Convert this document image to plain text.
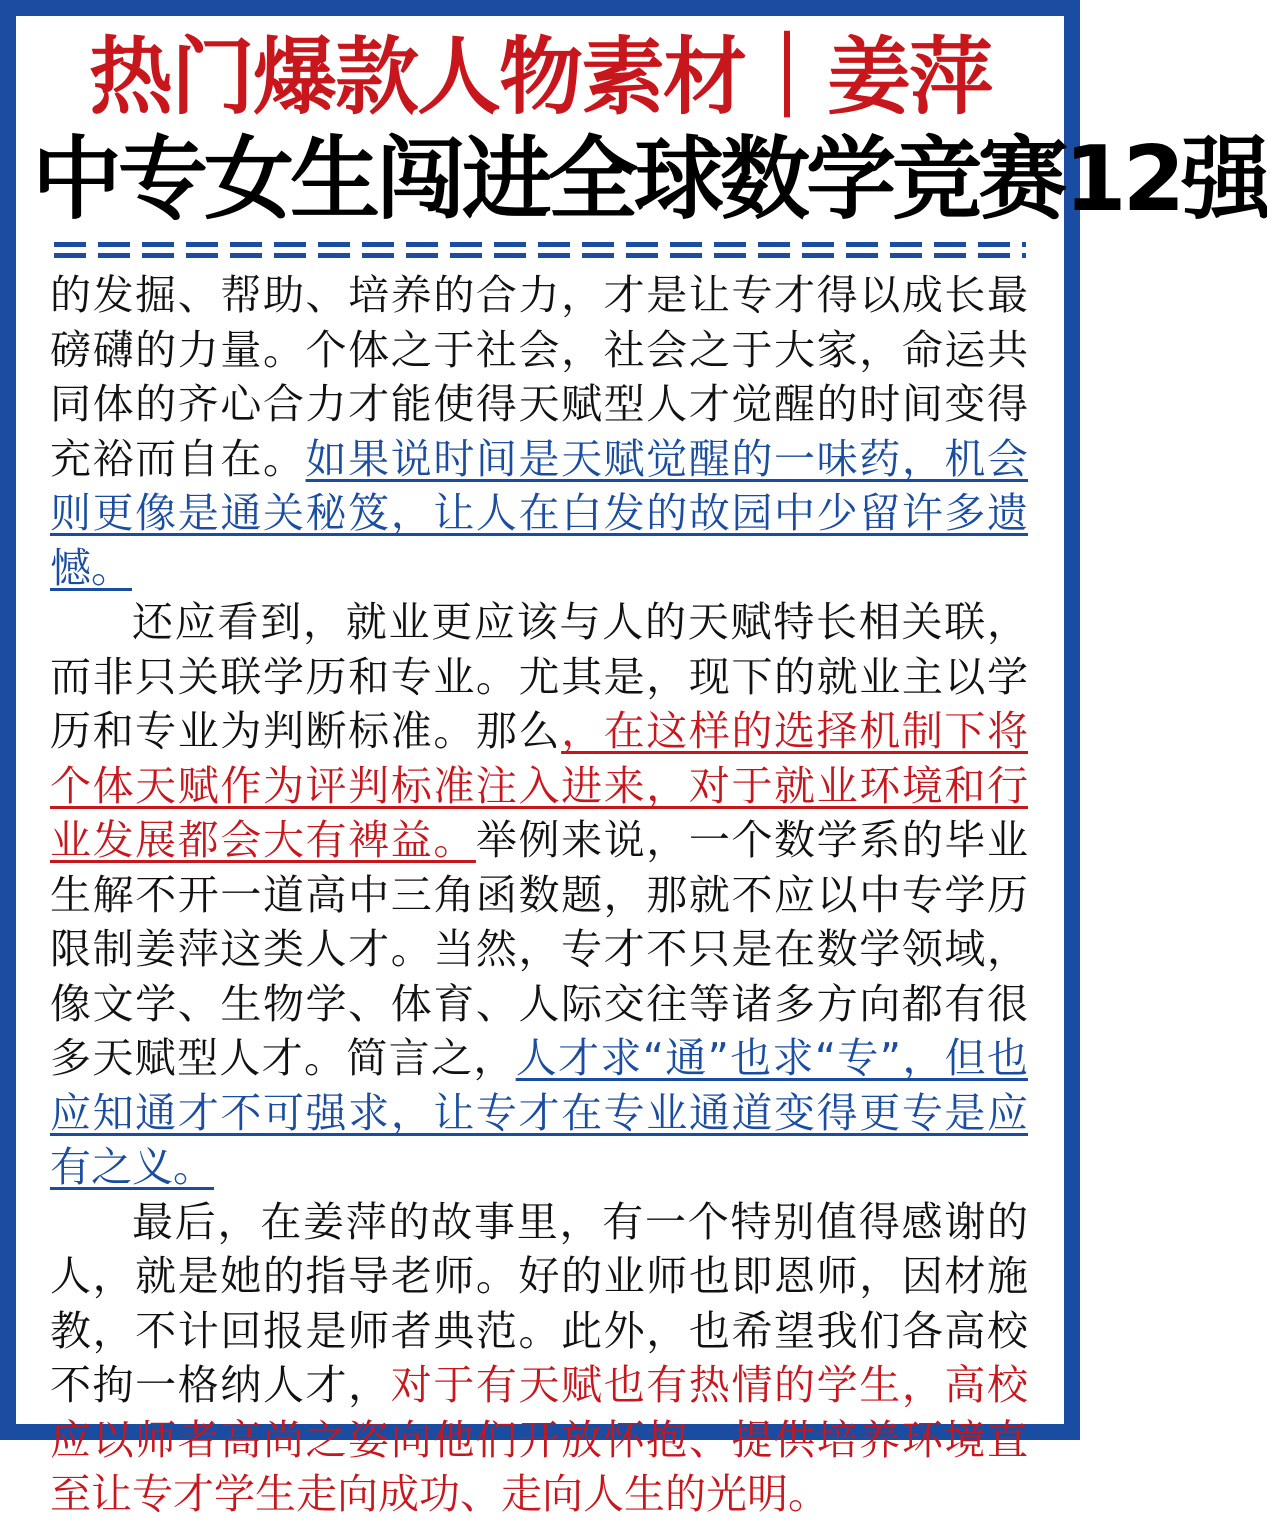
热门爆款人物素材｜姜萍
中专女生闯进全球数学竞赛12强

的发掘、帮助、培养的合力，才是让专才得以成长最磅礴的力量。个体之于社会，社会之于大家，命运共同体的齐心合力才能使得天赋型人才觉醒的时间变得充裕而自在。如果说时间是天赋觉醒的一味药，机会则更像是通关秘笈，让人在白发的故园中少留许多遗憾。

还应看到，就业更应该与人的天赋特长相关联，而非只关联学历和专业。尤其是，现下的就业主以学历和专业为判断标准。那么，在这样的选择机制下将个体天赋作为评判标准注入进来，对于就业环境和行业发展都会大有裨益。举例来说，一个数学系的毕业生解不开一道高中三角函数题，那就不应以中专学历限制姜萍这类人才。当然，专才不只是在数学领域，像文学、生物学、体育、人际交往等诸多方向都有很多天赋型人才。简言之，人才求“通”也求“专”，但也应知通才不可强求，让专才在专业通道变得更专是应有之义。

最后，在姜萍的故事里，有一个特别值得感谢的人，就是她的指导老师。好的业师也即恩师，因材施教，不计回报是师者典范。此外，也希望我们各高校不拘一格纳人才，对于有天赋也有热情的学生，高校应以师者高尚之姿向他们开放怀抱、提供培养环境直至让专才学生走向成功、走向人生的光明。
